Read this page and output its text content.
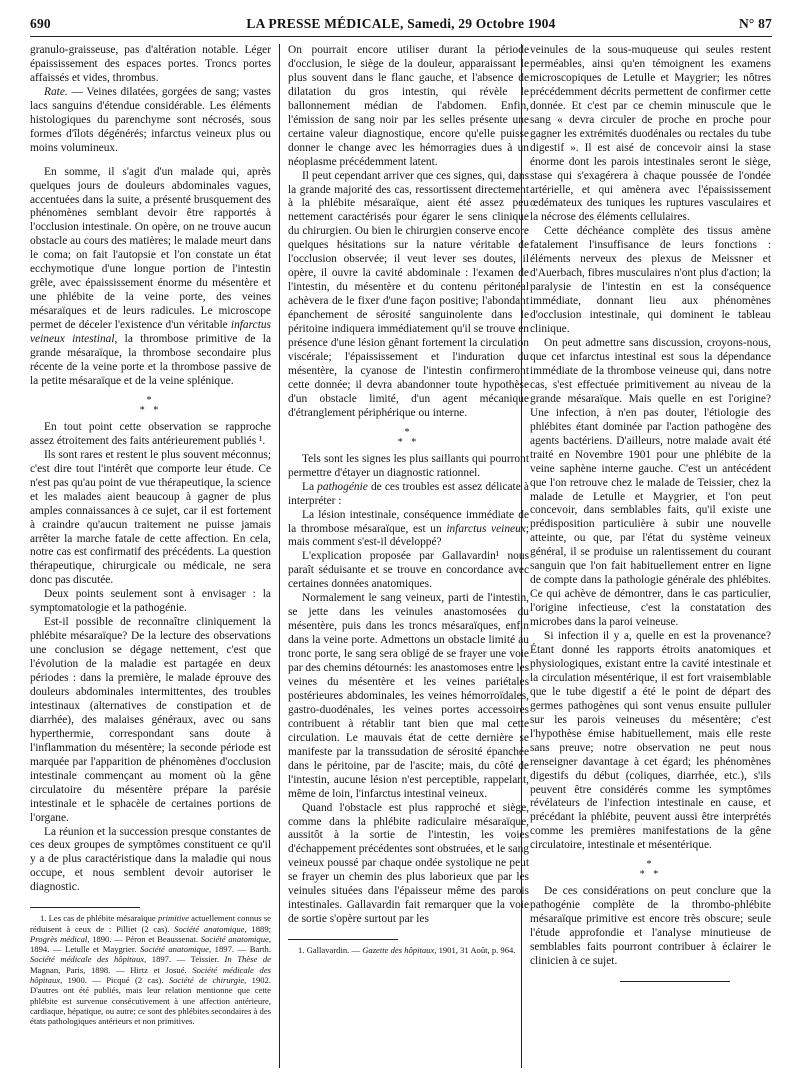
690	LA PRESSE MÉDICALE, Samedi, 29 Octobre 1904	N° 87

granulo-graisseuse, pas d'altération notable. Léger épaississement des espaces portes. Troncs portes affaissés et vides, thrombus.

Rate. — Veines dilatées, gorgées de sang; vastes lacs sanguins d'étendue considérable. Les éléments histologiques du parenchyme sont nécrosés, sous formes d'îlots dégénérés; infarctus veineux plus ou moins volumineux.

En somme, il s'agit d'un malade qui, après quelques jours de douleurs abdominales vagues, accentuées dans la suite, a présenté brusquement des phénomènes semblant devoir être rapportés à l'occlusion intestinale. On opère, on ne trouve aucun obstacle au cours des matières; le malade meurt dans le coma; on fait l'autopsie et l'on constate un état ecchymotique d'une longue portion de l'intestin grêle, avec épaississement énorme du mésentère et une phlébite de la veine porte, des veines mésaraïques et de leurs radicules. Le microscope permet de déceler l'existence d'un véritable infarctus veineux intestinal, la thrombose primitive de la grande mésaraïque, la thrombose secondaire plus récente de la veine porte et la thrombose passive de la petite mésaraïque et de la veine splénique.

*
* *

En tout point cette observation se rapproche assez étroitement des faits antérieurement publiés ¹.

Ils sont rares et restent le plus souvent méconnus; c'est dire tout l'intérêt que comporte leur étude. Ce n'est pas qu'au point de vue thérapeutique, la science et les malades aient beaucoup à gagner de plus amples connaissances à ce sujet, car il est fortement à craindre qu'aucun traitement ne puisse jamais arrêter la marche fatale de cette affection. En cela, notre cas est confirmatif des précédents. La question thérapeutique, chirurgicale ou médicale, ne sera donc pas discutée.

Deux points seulement sont à envisager : la symptomatologie et la pathogénie.

Est-il possible de reconnaître cliniquement la phlébite mésaraïque? De la lecture des observations une conclusion se dégage nettement, c'est que l'évolution de la maladie est partagée en deux périodes : dans la première, le malade éprouve des douleurs abdominales intermittentes, des troubles intestinaux (alternatives de constipation et de diarrhée), des malaises généraux, avec ou sans hyperthermie, correspondant sans doute à l'inflammation du mésentère; la seconde période est marquée par l'apparition de phénomènes d'occlusion intestinale commençant au moment où la gêne circulatoire du mésentère prépare la parésie intestinale et le sphacèle de certaines portions de l'organe.

La réunion et la succession presque constantes de ces deux groupes de symptômes constituent ce qu'il y a de plus caractéristique dans la maladie qui nous occupe, et nous semblent devoir autoriser le diagnostic.

1. Les cas de phlébite mésaraïque primitive actuellement connus se réduisent à ceux de : Pilliet (2 cas). Société anatomique, 1889; Progrès médical, 1890. — Péron et Beaussenat. Société anatomique, 1894. — Letulle et Maygrier. Société anatomique, 1897. — Barth. Société médicale des hôpitaux, 1897. — Teissier. In Thèse de Magnan, Paris, 1898. — Hirtz et Josué. Société médicale des hôpitaux, 1900. — Picqué (2 cas). Société de chirurgie, 1902. D'autres ont été publiés, mais leur relation mentionne que cette phlébite est survenue consécutivement à une affection antérieure, cardiaque, hépatique, ou autre; ce sont des phlébites secondaires à des états pathologiques antérieurs et non primitives.

On pourrait encore utiliser durant la période d'occlusion, le siège de la douleur, apparaissant le plus souvent dans le flanc gauche, et l'absence de dilatation du gros intestin, qui révèle le ballonnement médian de l'abdomen. Enfin, l'émission de sang noir par les selles présente une certaine valeur diagnostique, encore qu'elle puisse donner le change avec les hémorragies dues à un néoplasme précédemment latent.

Il peut cependant arriver que ces signes, qui, dans la grande majorité des cas, ressortissent directement à la phlébite mésaraïque, aient été assez peu nettement caractérisés pour égarer le sens clinique du chirurgien. Ou bien le chirurgien conserve encore quelques hésitations sur la nature véritable de l'occlusion observée; il veut lever ses doutes, il opère, il ouvre la cavité abdominale : l'examen de l'intestin, du mésentère et du contenu péritonéal achèvera de le fixer d'une façon positive; l'abondant épanchement de sérosité sanguinolente dans le péritoine indiquera immédiatement qu'il se trouve en présence d'une lésion gênant fortement la circulation viscérale; l'épaississement et l'induration du mésentère, la cyanose de l'intestin confirmeront cette donnée; il devra abandonner toute hypothèse d'un obstacle limité, d'un agent mécanique d'étranglement périphérique ou interne.

*
* *

Tels sont les signes les plus saillants qui pourront permettre d'étayer un diagnostic rationnel.

La pathogénie de ces troubles est assez délicate à interpréter :

La lésion intestinale, conséquence immédiate de la thrombose mésaraïque, est un infarctus veineux; mais comment s'est-il développé?

L'explication proposée par Gallavardin¹ nous paraît séduisante et se trouve en concordance avec certaines données anatomiques.

Normalement le sang veineux, parti de l'intestin, se jette dans les veinules anastomosées du mésentère, puis dans les troncs mésaraïques, enfin dans la veine porte. Admettons un obstacle limité au tronc porte, le sang sera obligé de se frayer une voie par des chemins détournés: les anastomoses entre les veines du mésentère et les veines pariétales postérieures abdominales, les veines hémorroïdales, gastro-duodénales, les veines portes accessoires contribuent à rétablir tant bien que mal cette circulation. Le mauvais état de cette dernière se manifeste par la transsudation de sérosité épanchée dans le péritoine, par de l'ascite; mais, du côté de l'intestin, aucune lésion n'est perceptible, rappelant, même de loin, l'infarctus intestinal veineux.

Quand l'obstacle est plus rapproché et siège, comme dans la phlébite radiculaire mésaraïque, aussitôt à la sortie de l'intestin, les voies d'échappement précédentes sont obstruées, et le sang veineux poussé par chaque ondée systolique ne peut se frayer un chemin des plus laborieux que par les veinules situées dans l'épaisseur même des parois intestinales. Gallavardin fait remarquer que la voie de sortie s'opère surtout par les

1. Gallavardin. — Gazette des hôpitaux, 1901, 31 Août, p. 964.

veinules de la sous-muqueuse qui seules restent perméables, ainsi qu'en témoignent les examens microscopiques de Letulle et Maygrier; les nôtres précédemment décrits permettent de confirmer cette donnée. Et c'est par ce chemin minuscule que le sang « devra circuler de proche en proche pour gagner les extrémités duodénales ou rectales du tube digestif ». Il est aisé de concevoir ainsi la stase énorme dont les parois intestinales seront le siège, stase qui s'exagérera à chaque poussée de l'ondée artérielle, et qui amènera avec l'épaississement œdémateux des tuniques les ruptures vasculaires et la nécrose des éléments cellulaires.

Cette déchéance complète des tissus amène fatalement l'insuffisance de leurs fonctions : éléments nerveux des plexus de Meissner et d'Auerbach, fibres musculaires n'ont plus d'action; la paralysie de l'intestin en est la conséquence immédiate, donnant lieu aux phénomènes d'occlusion intestinale, qui dominent le tableau clinique.

On peut admettre sans discussion, croyons-nous, que cet infarctus intestinal est sous la dépendance immédiate de la thrombose veineuse qui, dans notre cas, s'est effectuée primitivement au niveau de la grande mésaraïque. Mais quelle en est l'origine? Une infection, à n'en pas douter, l'étiologie des phlébites étant dominée par l'action pathogène des agents bactériens. D'ailleurs, notre malade avait été traité en Novembre 1901 pour une phlébite de la veine saphène interne gauche. C'est un antécédent que l'on retrouve chez le malade de Teissier, chez la malade de Letulle et Maygrier, et l'on peut concevoir, dans semblables faits, qu'il existe une prédisposition particulière à subir une nouvelle atteinte, ou que, par l'état du système veineux général, il se produise un ralentissement du courant sanguin que l'on fait habituellement entrer en ligne de compte dans la pathologie générale des phlébites. Ce qui achève de démontrer, dans le cas particulier, l'origine infectieuse, c'est la constatation des microbes dans la paroi veineuse.

Si infection il y a, quelle en est la provenance? Étant donné les rapports étroits anatomiques et physiologiques, existant entre la cavité intestinale et la circulation mésentérique, il est fort vraisemblable que le tube digestif a été le point de départ des germes pathogènes qui sont venus ensuite pulluler sur les parois veineuses du mésentère; c'est l'hypothèse émise habituellement, mais elle reste sans preuve; notre observation ne peut nous renseigner davantage à cet égard; les phénomènes digestifs du début (coliques, diarrhée, etc.), s'ils peuvent être considérés comme les symptômes révélateurs de l'infection intestinale en cause, et précédant la phlébite, peuvent aussi être interprétés comme les premières manifestations de la gêne circulatoire, intestinale et mésentérique.

*
* *

De ces considérations on peut conclure que la pathogénie complète de la thrombo-phlébite mésaraïque primitive est encore très obscure; seule l'étude approfondie et l'analyse minutieuse de semblables faits pourront contribuer à éclairer le clinicien à ce sujet.
